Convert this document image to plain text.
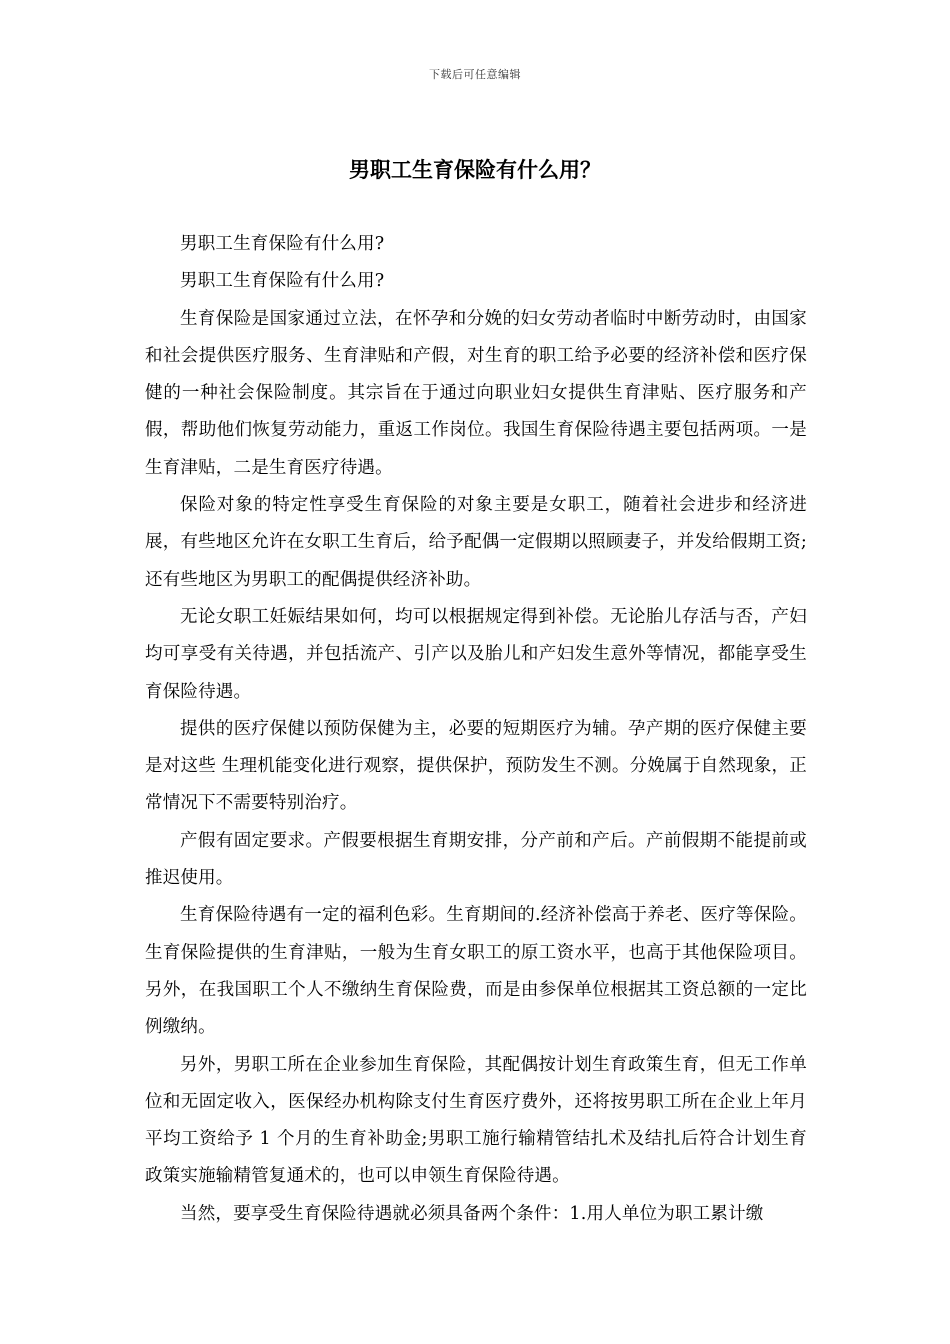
下载后可任意编辑
男职工生育保险有什么用？

男职工生育保险有什么用?

男职工生育保险有什么用?

生育保险是国家通过立法，在怀孕和分娩的妇女劳动者临时中断劳动时，由国家和社会提供医疗服务、生育津贴和产假，对生育的职工给予必要的经济补偿和医疗保健的一种社会保险制度。其宗旨在于通过向职业妇女提供生育津贴、医疗服务和产假，帮助他们恢复劳动能力，重返工作岗位。我国生育保险待遇主要包括两项。一是生育津贴，二是生育医疗待遇。

保险对象的特定性享受生育保险的对象主要是女职工，随着社会进步和经济进展，有些地区允许在女职工生育后，给予配偶一定假期以照顾妻子，并发给假期工资;还有些地区为男职工的配偶提供经济补助。

无论女职工妊娠结果如何，均可以根据规定得到补偿。无论胎儿存活与否，产妇均可享受有关待遇，并包括流产、引产以及胎儿和产妇发生意外等情况，都能享受生育保险待遇。

提供的医疗保健以预防保健为主，必要的短期医疗为辅。孕产期的医疗保健主要是对这些 生理机能变化进行观察，提供保护，预防发生不测。分娩属于自然现象，正常情况下不需要特别治疗。

产假有固定要求。产假要根据生育期安排，分产前和产后。产前假期不能提前或推迟使用。

生育保险待遇有一定的福利色彩。生育期间的.经济补偿高于养老、医疗等保险。生育保险提供的生育津贴，一般为生育女职工的原工资水平，也高于其他保险项目。另外，在我国职工个人不缴纳生育保险费，而是由参保单位根据其工资总额的一定比例缴纳。

另外，男职工所在企业参加生育保险，其配偶按计划生育政策生育，但无工作单位和无固定收入，医保经办机构除支付生育医疗费外，还将按男职工所在企业上年月平均工资给予 1 个月的生育补助金;男职工施行输精管结扎术及结扎后符合计划生育政策实施输精管复通术的，也可以申领生育保险待遇。

当然，要享受生育保险待遇就必须具备两个条件：1.用人单位为职工累计缴
